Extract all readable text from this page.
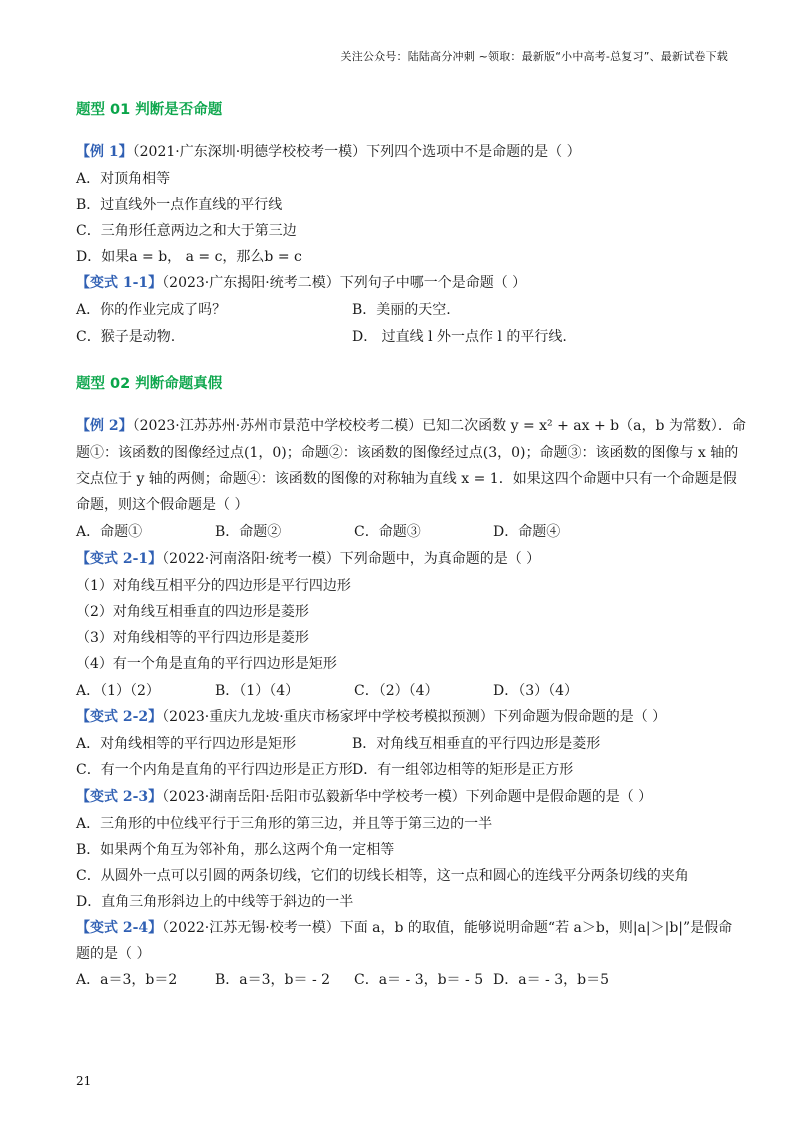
关注公众号：陆陆高分冲刺 ~领取：最新版“小中高考-总复习”、最新试卷下载
题型 01 判断是否命题
【例 1】（2021·广东深圳·明德学校校考一模）下列四个选项中不是命题的是（ ）
A．对顶角相等
B．过直线外一点作直线的平行线
C．三角形任意两边之和大于第三边
D．如果a = b， a = c，那么b = c
【变式 1-1】（2023·广东揭阳·统考二模）下列句子中哪一个是命题（ ）
A．你的作业完成了吗？	B．美丽的天空.
C．猴子是动物.	D． 过直线 l 外一点作 l 的平行线.
题型 02 判断命题真假
【例 2】（2023·江苏苏州·苏州市景范中学校校考二模）已知二次函数 y = x² + ax + b（a，b 为常数）．命
题①：该函数的图像经过点(1，0)；命题②：该函数的图像经过点(3，0)；命题③：该函数的图像与 x 轴的
交点位于 y 轴的两侧；命题④：该函数的图像的对称轴为直线 x = 1．如果这四个命题中只有一个命题是假
命题，则这个假命题是（ ）
A．命题①	B．命题②	C．命题③	D．命题④
【变式 2-1】（2022·河南洛阳·统考一模）下列命题中，为真命题的是（ ）
（1）对角线互相平分的四边形是平行四边形
（2）对角线互相垂直的四边形是菱形
（3）对角线相等的平行四边形是菱形
（4）有一个角是直角的平行四边形是矩形
A．（1）（2）	B．（1）（4）	C．（2）（4）	D．（3）（4）
【变式 2-2】（2023·重庆九龙坡·重庆市杨家坪中学校考模拟预测）下列命题为假命题的是（ ）
A．对角线相等的平行四边形是矩形	B．对角线互相垂直的平行四边形是菱形
C．有一个内角是直角的平行四边形是正方形D．有一组邻边相等的矩形是正方形
【变式 2-3】（2023·湖南岳阳·岳阳市弘毅新华中学校考一模）下列命题中是假命题的是（ ）
A．三角形的中位线平行于三角形的第三边，并且等于第三边的一半
B．如果两个角互为邻补角，那么这两个角一定相等
C．从圆外一点可以引圆的两条切线，它们的切线长相等，这一点和圆心的连线平分两条切线的夹角
D．直角三角形斜边上的中线等于斜边的一半
【变式 2-4】（2022·江苏无锡·校考一模）下面 a，b 的取值，能够说明命题“若 a＞b，则|a|＞|b|”是假命
题的是（ ）
A．a＝3，b＝2	B．a＝3，b＝ - 2 C．a＝ - 3，b＝ - 5 D．a＝ - 3，b＝5
21
